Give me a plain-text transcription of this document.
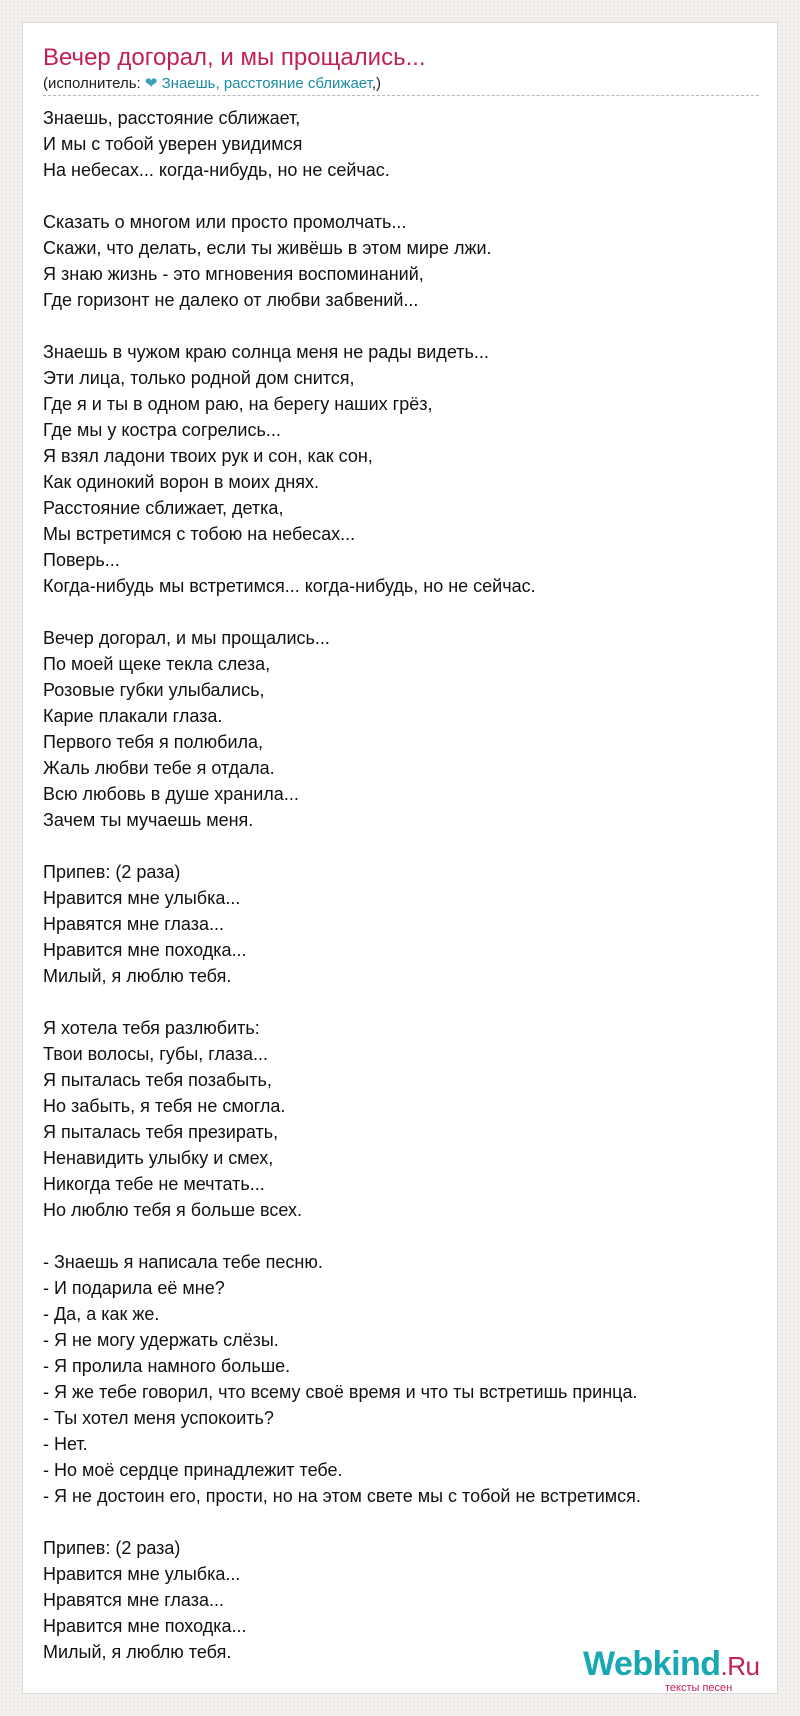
Вечер догорал, и мы прощались...
(исполнитель: ❤ Знаешь, расстояние сближает,)
Знаешь, расстояние сближает,
И мы с тобой уверен увидимся
На небесах... когда-нибудь, но не сейчас.
Сказать о многом или просто промолчать...
Скажи, что делать, если ты живёшь в этом мире лжи.
Я знаю жизнь - это мгновения воспоминаний,
Где горизонт не далеко от любви забвений...
Знаешь в чужом краю солнца меня не рады видеть...
Эти лица, только родной дом снится,
Где я и ты в одном раю, на берегу наших грёз,
Где мы у костра согрелись...
Я взял ладони твоих рук и сон, как сон,
Как одинокий ворон в моих днях.
Расстояние сближает, детка,
Мы встретимся с тобою на небесах...
Поверь...
Когда-нибудь мы встретимся... когда-нибудь, но не сейчас.
Вечер догорал, и мы прощались...
По моей щеке текла слеза,
Розовые губки улыбались,
Карие плакали глаза.
Первого тебя я полюбила,
Жаль любви тебе я отдала.
Всю любовь в душе хранила...
Зачем ты мучаешь меня.
Припев: (2 раза)
Нравится мне улыбка...
Нравятся мне глаза...
Нравится мне походка...
Милый, я люблю тебя.
Я хотела тебя разлюбить:
Твои волосы, губы, глаза...
Я пыталась тебя позабыть,
Но забыть, я тебя не смогла.
Я пыталась тебя презирать,
Ненавидить улыбку и смех,
Никогда тебе не мечтать...
Но люблю тебя я больше всех.
- Знаешь я написала тебе песню.
- И подарила её мне?
- Да, а как же.
- Я не могу удержать слёзы.
- Я пролила намного больше.
- Я же тебе говорил, что всему своё время и что ты встретишь принца.
- Ты хотел меня успокоить?
- Нет.
- Но моё сердце принадлежит тебе.
- Я не достоин его, прости, но на этом свете мы с тобой не встретимся.
Припев: (2 раза)
Нравится мне улыбка...
Нравятся мне глаза...
Нравится мне походка...
Милый, я люблю тебя.	Webkind.Ru
тексты песен
